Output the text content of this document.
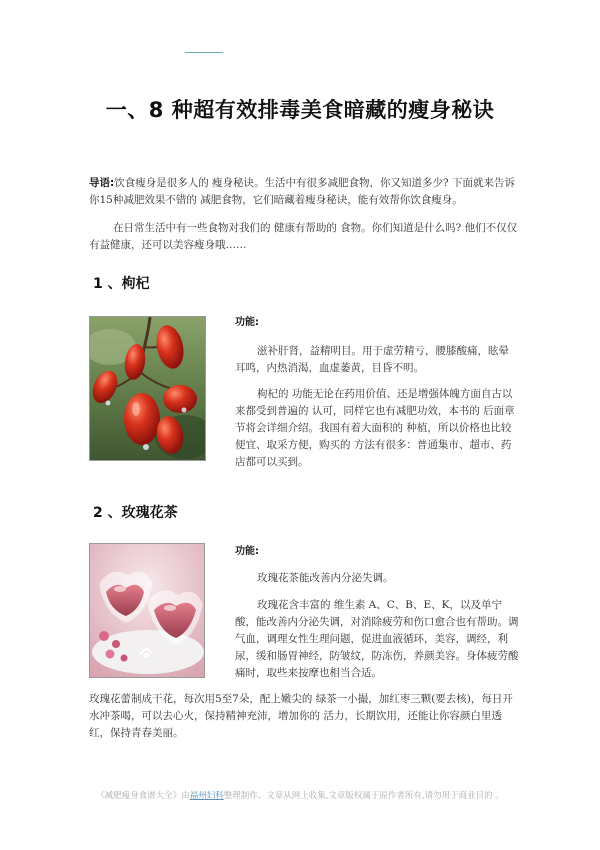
一、8 种超有效排毒美食暗藏的瘦身秘诀

导语:饮食瘦身是很多人的 瘦身秘诀。生活中有很多减肥食物，你又知道多少? 下面就来告诉你15种减肥效果不错的 减肥食物，它们暗藏着瘦身秘诀，能有效帮你饮食瘦身。

在日常生活中有一些食物对我们的 健康有帮助的 食物。你们知道是什么吗? 他们不仅仅有益健康，还可以美容瘦身哦……

1 、枸杞
功能:

滋补肝肾，益精明目。用于虚劳精亏，腰膝酸痛，眩晕耳鸣，内热消渴，血虚萎黄，目昏不明。

枸杞的 功能无论在药用价值、还是增强体魄方面自古以来都受到普遍的 认可，同样它也有减肥功效，本书的 后面章节将会详细介绍。我国有着大面积的 种植，所以价格也比较便宜、取采方便，购买的 方法有很多：普通集市、超市、药店都可以买到。

2 、玫瑰花茶
功能:

玫瑰花茶能改善内分泌失调。

玫瑰花含丰富的 维生素 A、C、B、E、K，以及单宁酸，能改善内分泌失调，对消除疲劳和伤口愈合也有帮助。调气血，调理女性生理问题，促进血液循环，美容，调经，利尿，缓和肠胃神经，防皱纹，防冻伤，养颜美容。身体疲劳酸痛时，取些来按摩也相当合适。

玫瑰花蕾制成干花，每次用5至7朵，配上嫩尖的 绿茶一小撮，加红枣三颗(要去核)，每日开水冲茶喝，可以去心火，保持精神充沛，增加你的 活力，长期饮用，还能让你容颜白里透红，保持青春美丽。

《减肥瘦身食谱大全》由福州妇科整理制作。文章从网上收集,文章版权属于原作者所有,请勿用于商业目的 。
